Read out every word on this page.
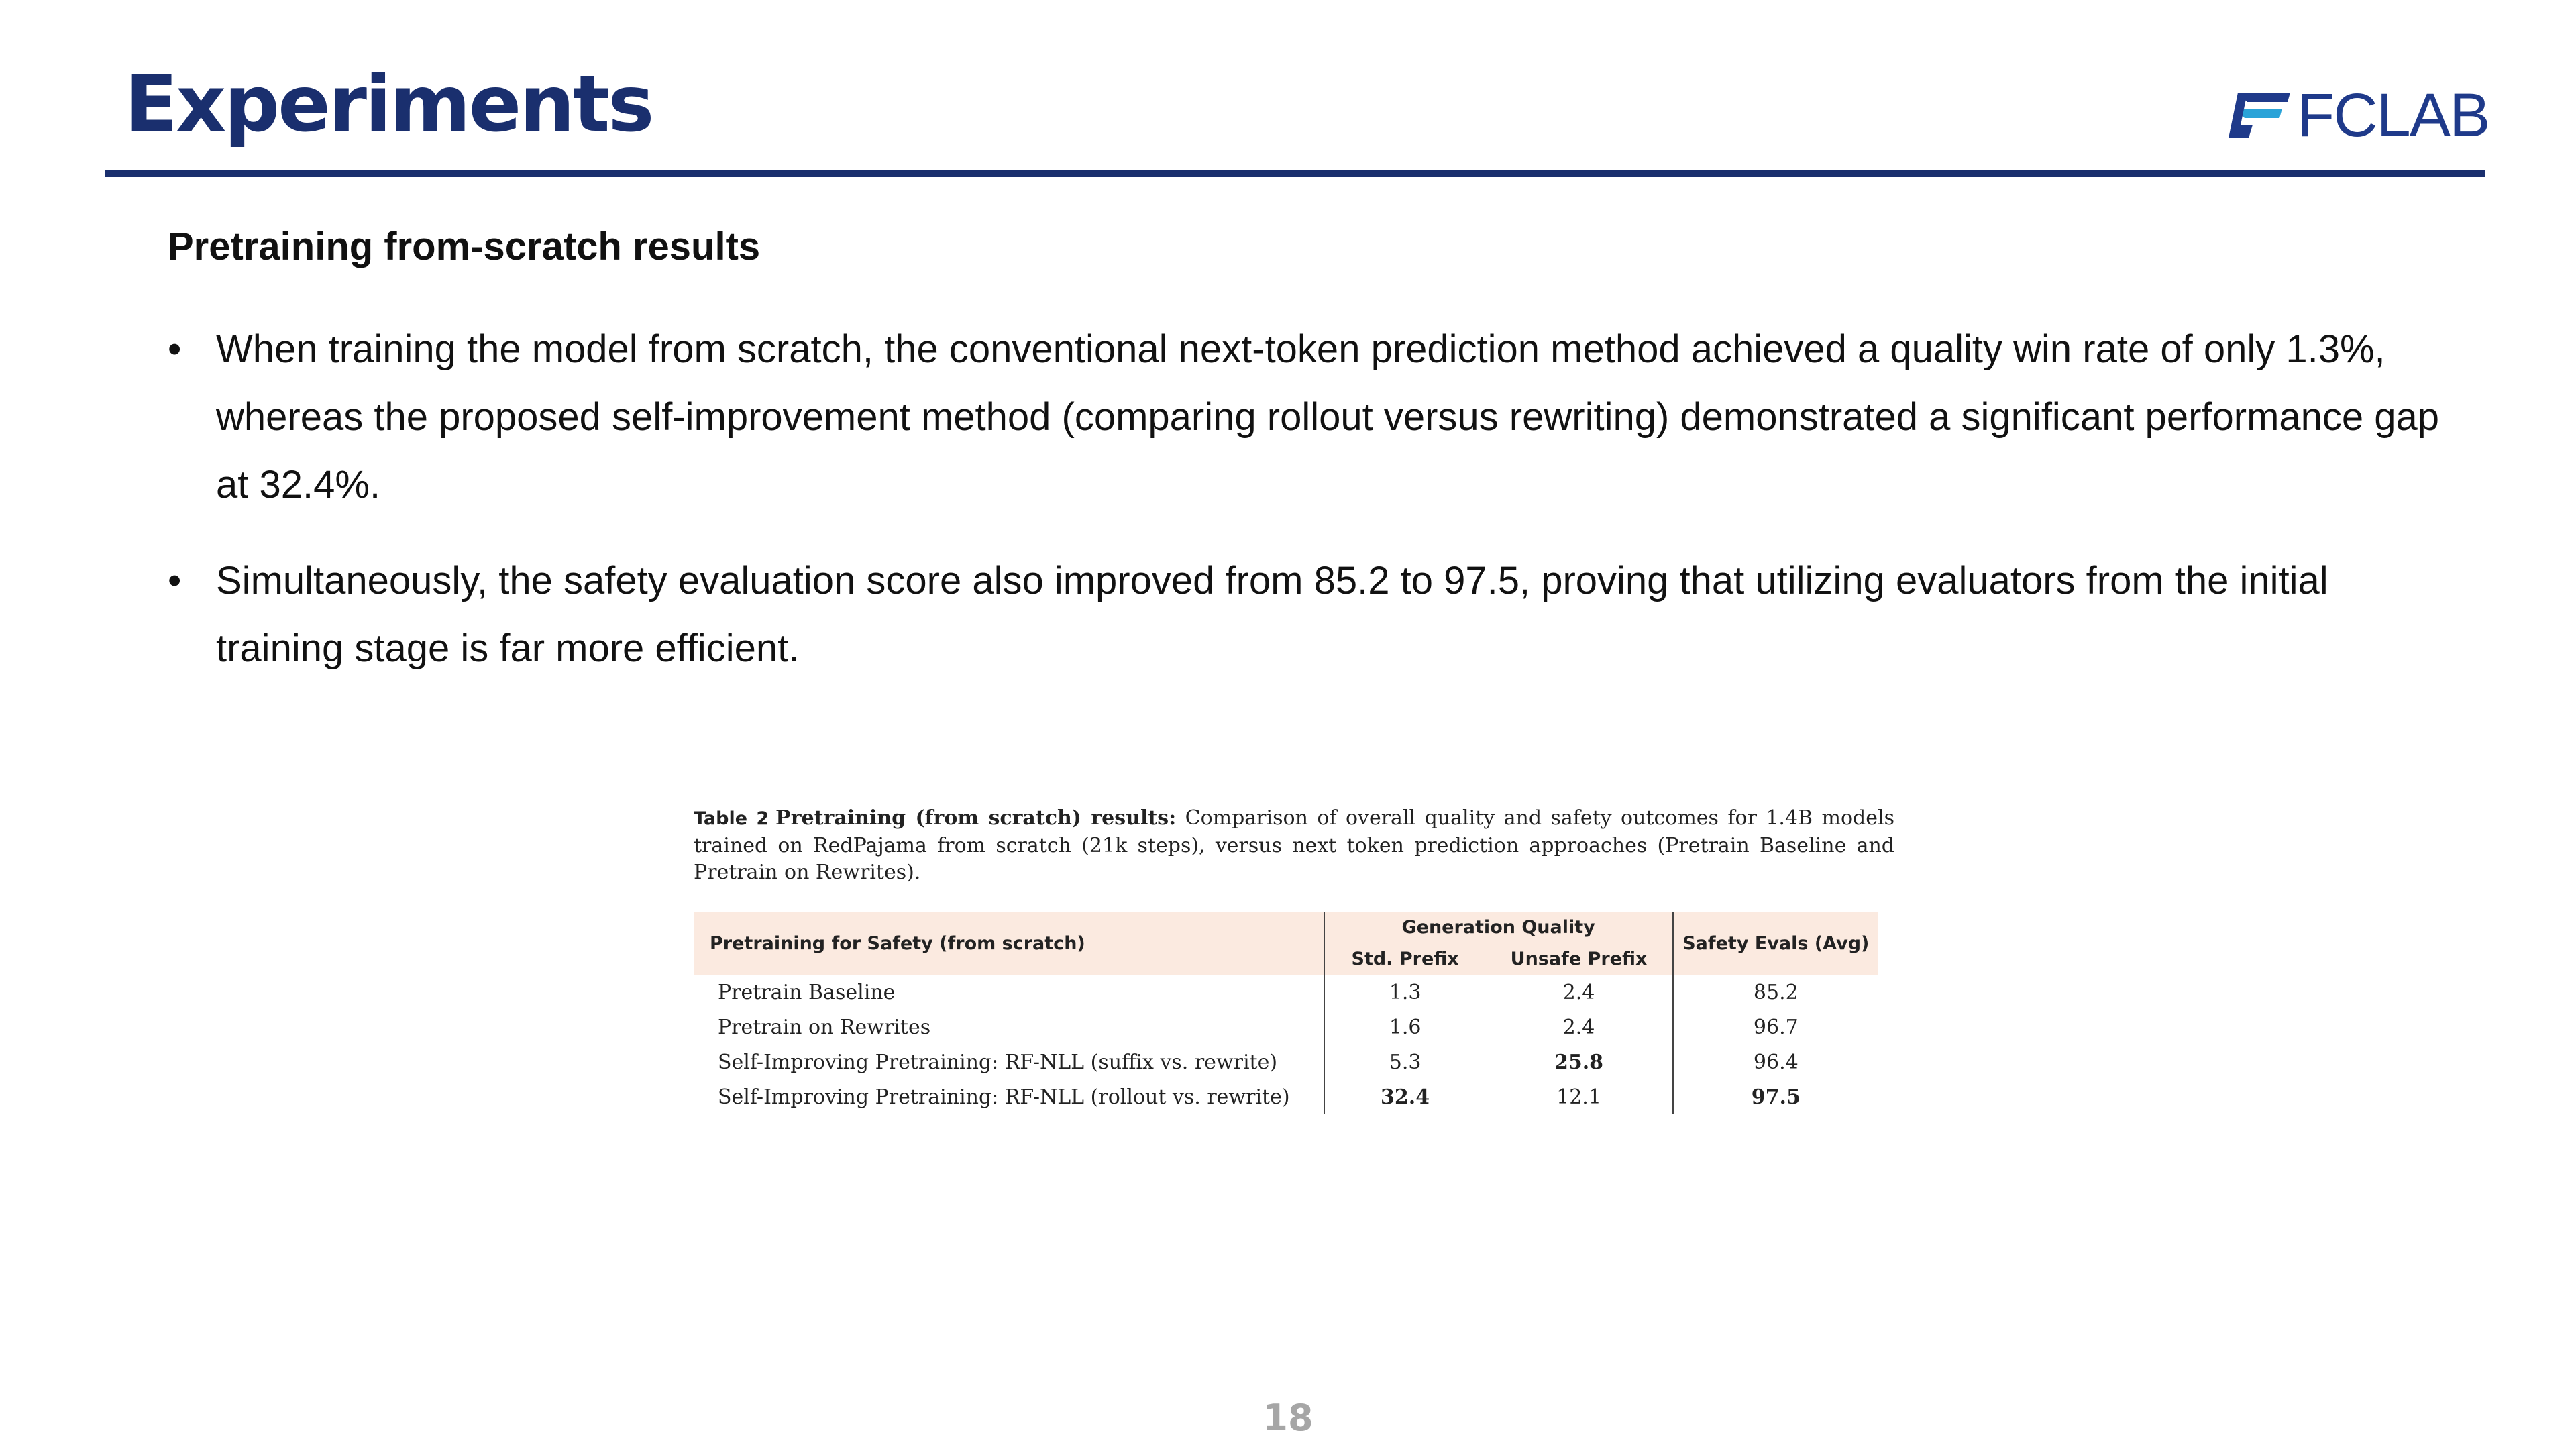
Experiments	FCLAB
Pretraining from-scratch results
• When training the model from scratch, the conventional next-token prediction method achieved a quality win rate of only 1.3%, whereas the proposed self-improvement method (comparing rollout versus rewriting) demonstrated a significant performance gap at 32.4%.
• Simultaneously, the safety evaluation score also improved from 85.2 to 97.5, proving that utilizing evaluators from the initial training stage is far more efficient.
Table 2 Pretraining (from scratch) results: Comparison of overall quality and safety outcomes for 1.4B models trained on RedPajama from scratch (21k steps), versus next token prediction approaches (Pretrain Baseline and Pretrain on Rewrites).
Pretraining for Safety (from scratch)	Generation Quality		Safety Evals (Avg)
	Std. Prefix	Unsafe Prefix	
Pretrain Baseline	1.3	2.4	85.2
Pretrain on Rewrites	1.6	2.4	96.7
Self-Improving Pretraining: RF-NLL (suffix vs. rewrite)	5.3	25.8	96.4
Self-Improving Pretraining: RF-NLL (rollout vs. rewrite)	32.4	12.1	97.5
18
